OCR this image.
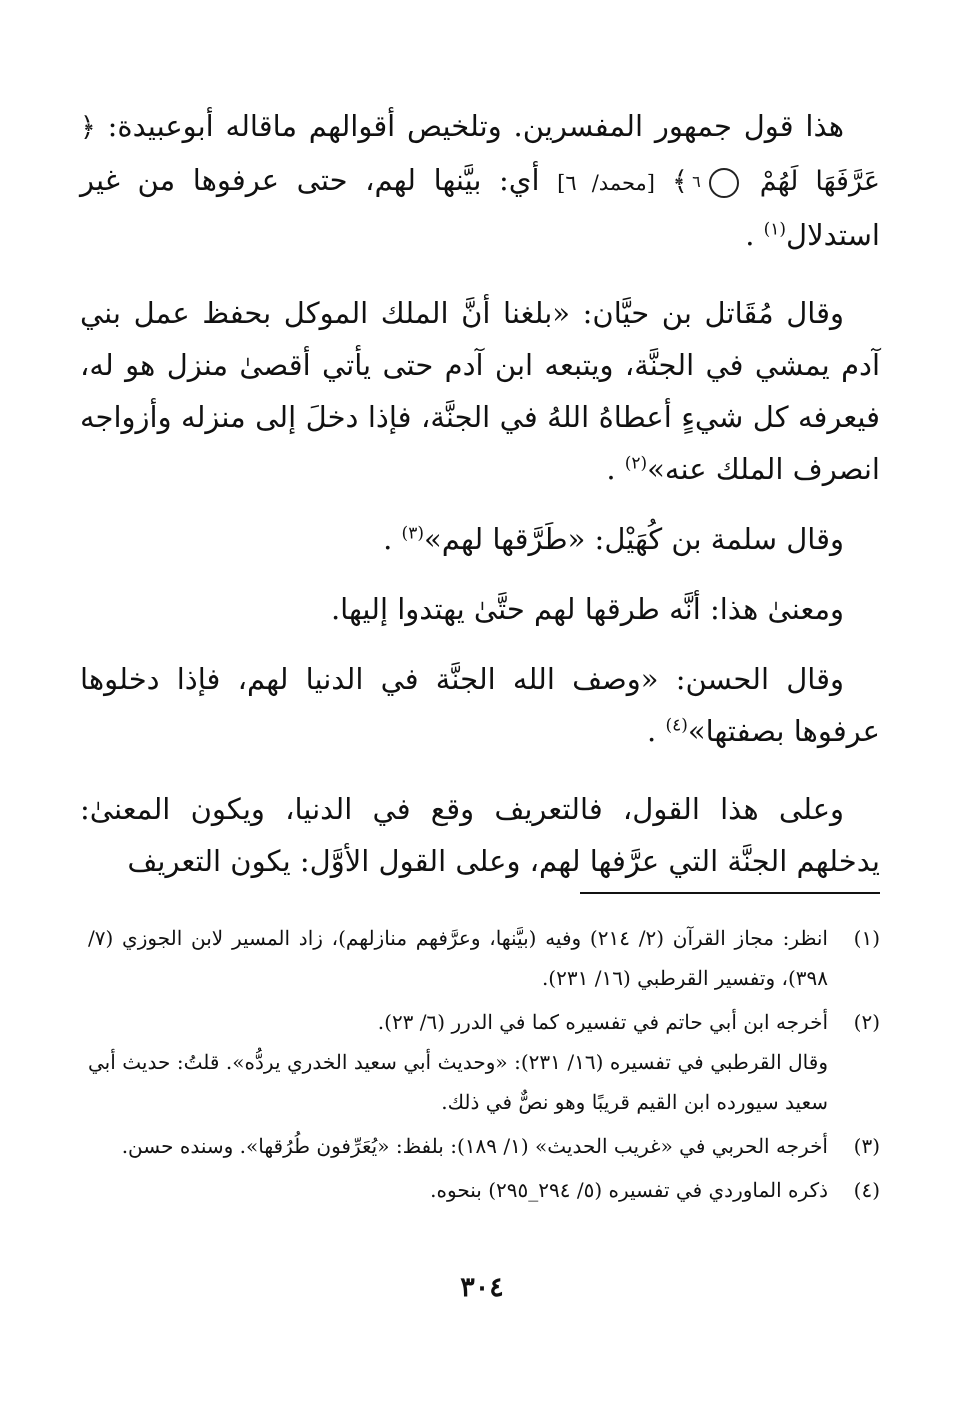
هذا قول جمهور المفسرين. وتلخيص أقوالهم ماقاله أبوعبيدة: ﴿ عَرَّفَهَا لَهُمْ ٦ ﴾ [محمد/ ٦] أي: بيَّنها لهم، حتى عرفوها من غير استدلال$^{(١)}$ .

وقال مُقَاتل بن حيَّان: «بلغنا أنَّ الملك الموكل بحفظ عمل بني آدم يمشي في الجنَّة، ويتبعه ابن آدم حتى يأتي أقصىٰ منزل هو له، فيعرفه كل شيءٍ أعطاهُ اللهُ في الجنَّة، فإذا دخلَ إلى منزله وأزواجه انصرف الملك عنه»$^{(٢)}$ .

وقال سلمة بن كُهَيْل: «طَرَّقها لهم»$^{(٣)}$ .

ومعنىٰ هذا: أنَّه طرقها لهم حتَّىٰ يهتدوا إليها.

وقال الحسن: «وصف الله الجنَّة في الدنيا لهم، فإذا دخلوها عرفوها بصفتها»$^{(٤)}$ .

وعلى هذا القول، فالتعريف وقع في الدنيا، ويكون المعنىٰ: يدخلهم الجنَّة التي عرَّفها لهم، وعلى القول الأوَّل: يكون التعريف

(١)
انظر: مجاز القرآن (٢/ ٢١٤) وفيه (بيَّنها، وعرَّفهم منازلهم)، زاد المسير لابن الجوزي (٧/ ٣٩٨)، وتفسير القرطبي (١٦/ ٢٣١).
(٢)
أخرجه ابن أبي حاتم في تفسيره كما في الدرر (٦/ ٢٣).
وقال القرطبي في تفسيره (١٦/ ٢٣١): «وحديث أبي سعيد الخدري يردُّه». قلتُ: حديث أبي سعيد سيورده ابن القيم قريبًا وهو نصٌّ في ذلك.
(٣)
أخرجه الحربي في «غريب الحديث» (١/ ١٨٩): بلفظ: «يُعَرِّفون طُرُقها». وسنده حسن.
(٤)
ذكره الماوردي في تفسيره (٥/ ٢٩٤_٢٩٥) بنحوه.
٣٠٤
